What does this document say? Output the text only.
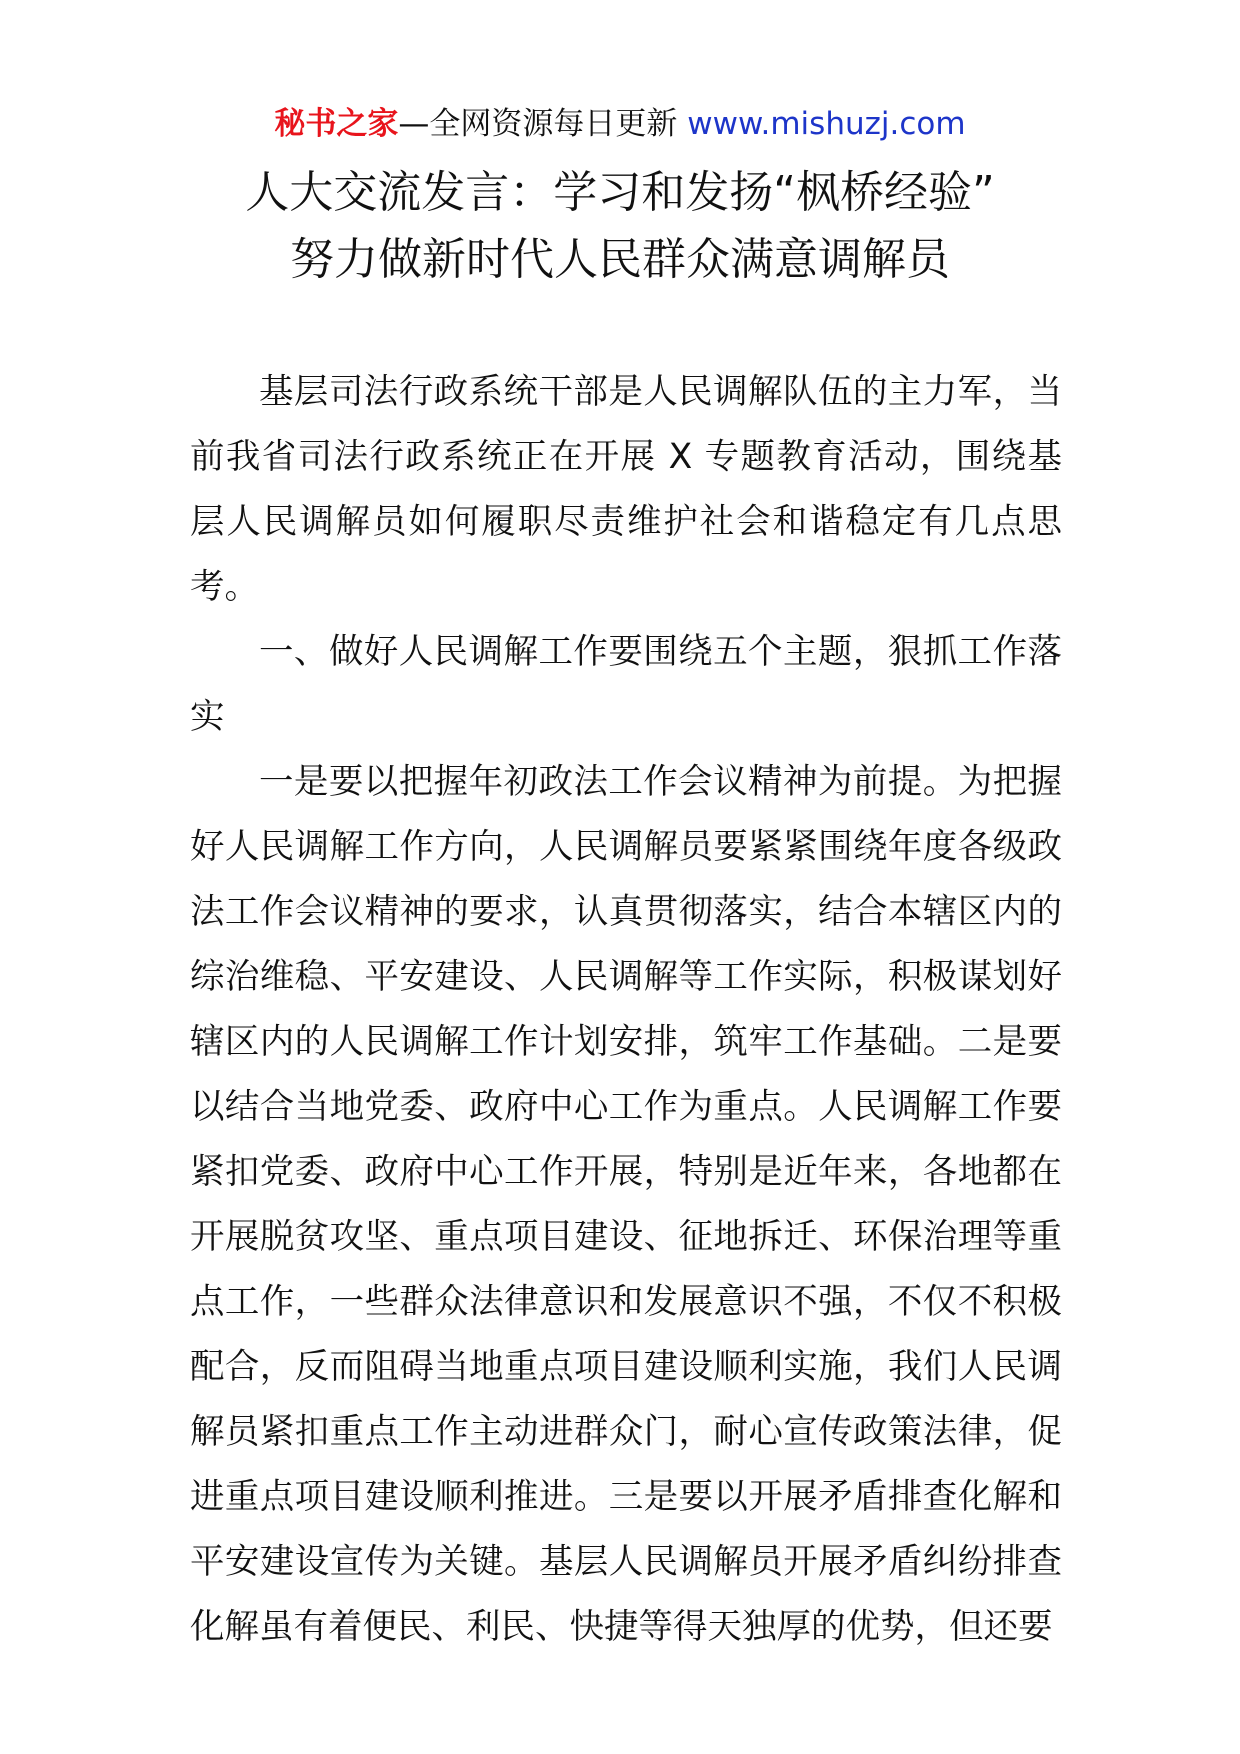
秘书之家—全网资源每日更新 www.mishuzj.com
人大交流发言：学习和发扬“枫桥经验”
努力做新时代人民群众满意调解员

基层司法行政系统干部是人民调解队伍的主力军，当前我省司法行政系统正在开展 X 专题教育活动，围绕基层人民调解员如何履职尽责维护社会和谐稳定有几点思考。

一、做好人民调解工作要围绕五个主题，狠抓工作落实

一是要以把握年初政法工作会议精神为前提。为把握好人民调解工作方向，人民调解员要紧紧围绕年度各级政法工作会议精神的要求，认真贯彻落实，结合本辖区内的综治维稳、平安建设、人民调解等工作实际，积极谋划好辖区内的人民调解工作计划安排，筑牢工作基础。二是要以结合当地党委、政府中心工作为重点。人民调解工作要紧扣党委、政府中心工作开展，特别是近年来，各地都在开展脱贫攻坚、重点项目建设、征地拆迁、环保治理等重点工作，一些群众法律意识和发展意识不强，不仅不积极配合，反而阻碍当地重点项目建设顺利实施，我们人民调解员紧扣重点工作主动进群众门，耐心宣传政策法律，促进重点项目建设顺利推进。三是要以开展矛盾排查化解和平安建设宣传为关键。基层人民调解员开展矛盾纠纷排查化解虽有着便民、利民、快捷等得天独厚的优势，但还要
